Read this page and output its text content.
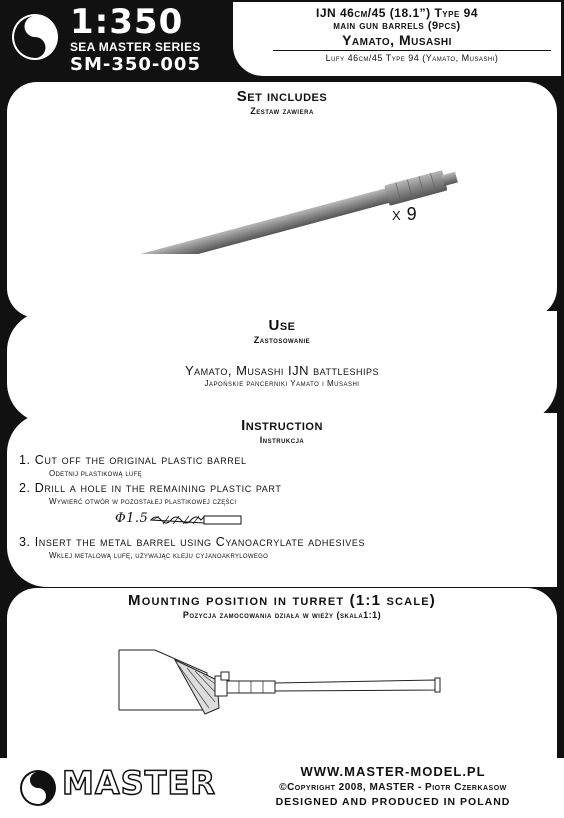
1:350
SEA MASTER SERIES
SM-350-005
IJN 46cm/45 (18.1”) Type 94
main gun barrels (9pcs)
Yamato, Musashi
Lufy 46cm/45 Type 94 (Yamato, Musashi)
Set includes
Zestaw zawiera
x 9
Use
Zastosowanie
Yamato, Musashi IJN battleships
Japońskie pancerniki Yamato i Musashi
Instruction
Instrukcja
1. Cut off the original plastic barrel
Odetnij plastikową lufę
2. Drill a hole in the remaining plastic part
Wywierć otwór w pozostałej plastikowej części
Φ1.5
3. Insert the metal barrel using Cyanoacrylate adhesives
Wklej metalową lufę, używając kleju cyjanoakrylowego
Mounting position in turret (1:1 scale)
Pozycja zamocowania działa w wieży (skala1:1)
MASTER	WWW.MASTER-MODEL.PL
©Copyright 2008, MASTER - Piotr Czerkasow
DESIGNED AND PRODUCED IN POLAND
